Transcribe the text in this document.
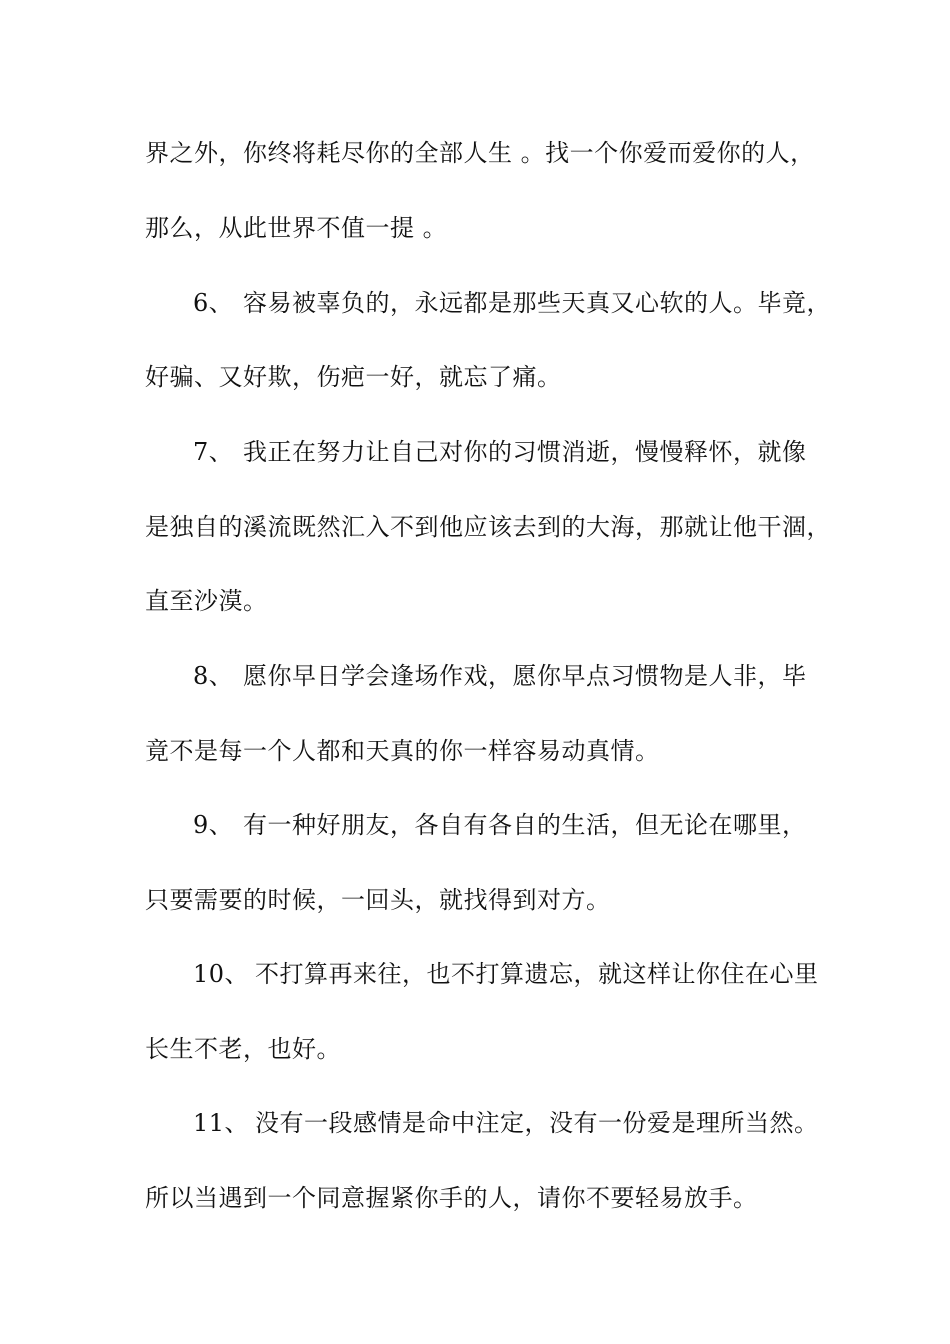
界之外，你终将耗尽你的全部人生 。找一个你爱而爱你的人，
那么，从此世界不值一提 。
6、 容易被辜负的，永远都是那些天真又心软的人。毕竟，
好骗、又好欺，伤疤一好，就忘了痛。
7、 我正在努力让自己对你的习惯消逝，慢慢释怀，就像
是独自的溪流既然汇入不到他应该去到的大海，那就让他干涸，
直至沙漠。
8、 愿你早日学会逢场作戏，愿你早点习惯物是人非，毕
竟不是每一个人都和天真的你一样容易动真情。
9、 有一种好朋友，各自有各自的生活，但无论在哪里，
只要需要的时候，一回头，就找得到对方。
10、 不打算再来往，也不打算遗忘，就这样让你住在心里
长生不老，也好。
11、 没有一段感情是命中注定，没有一份爱是理所当然。
所以当遇到一个同意握紧你手的人，请你不要轻易放手。
